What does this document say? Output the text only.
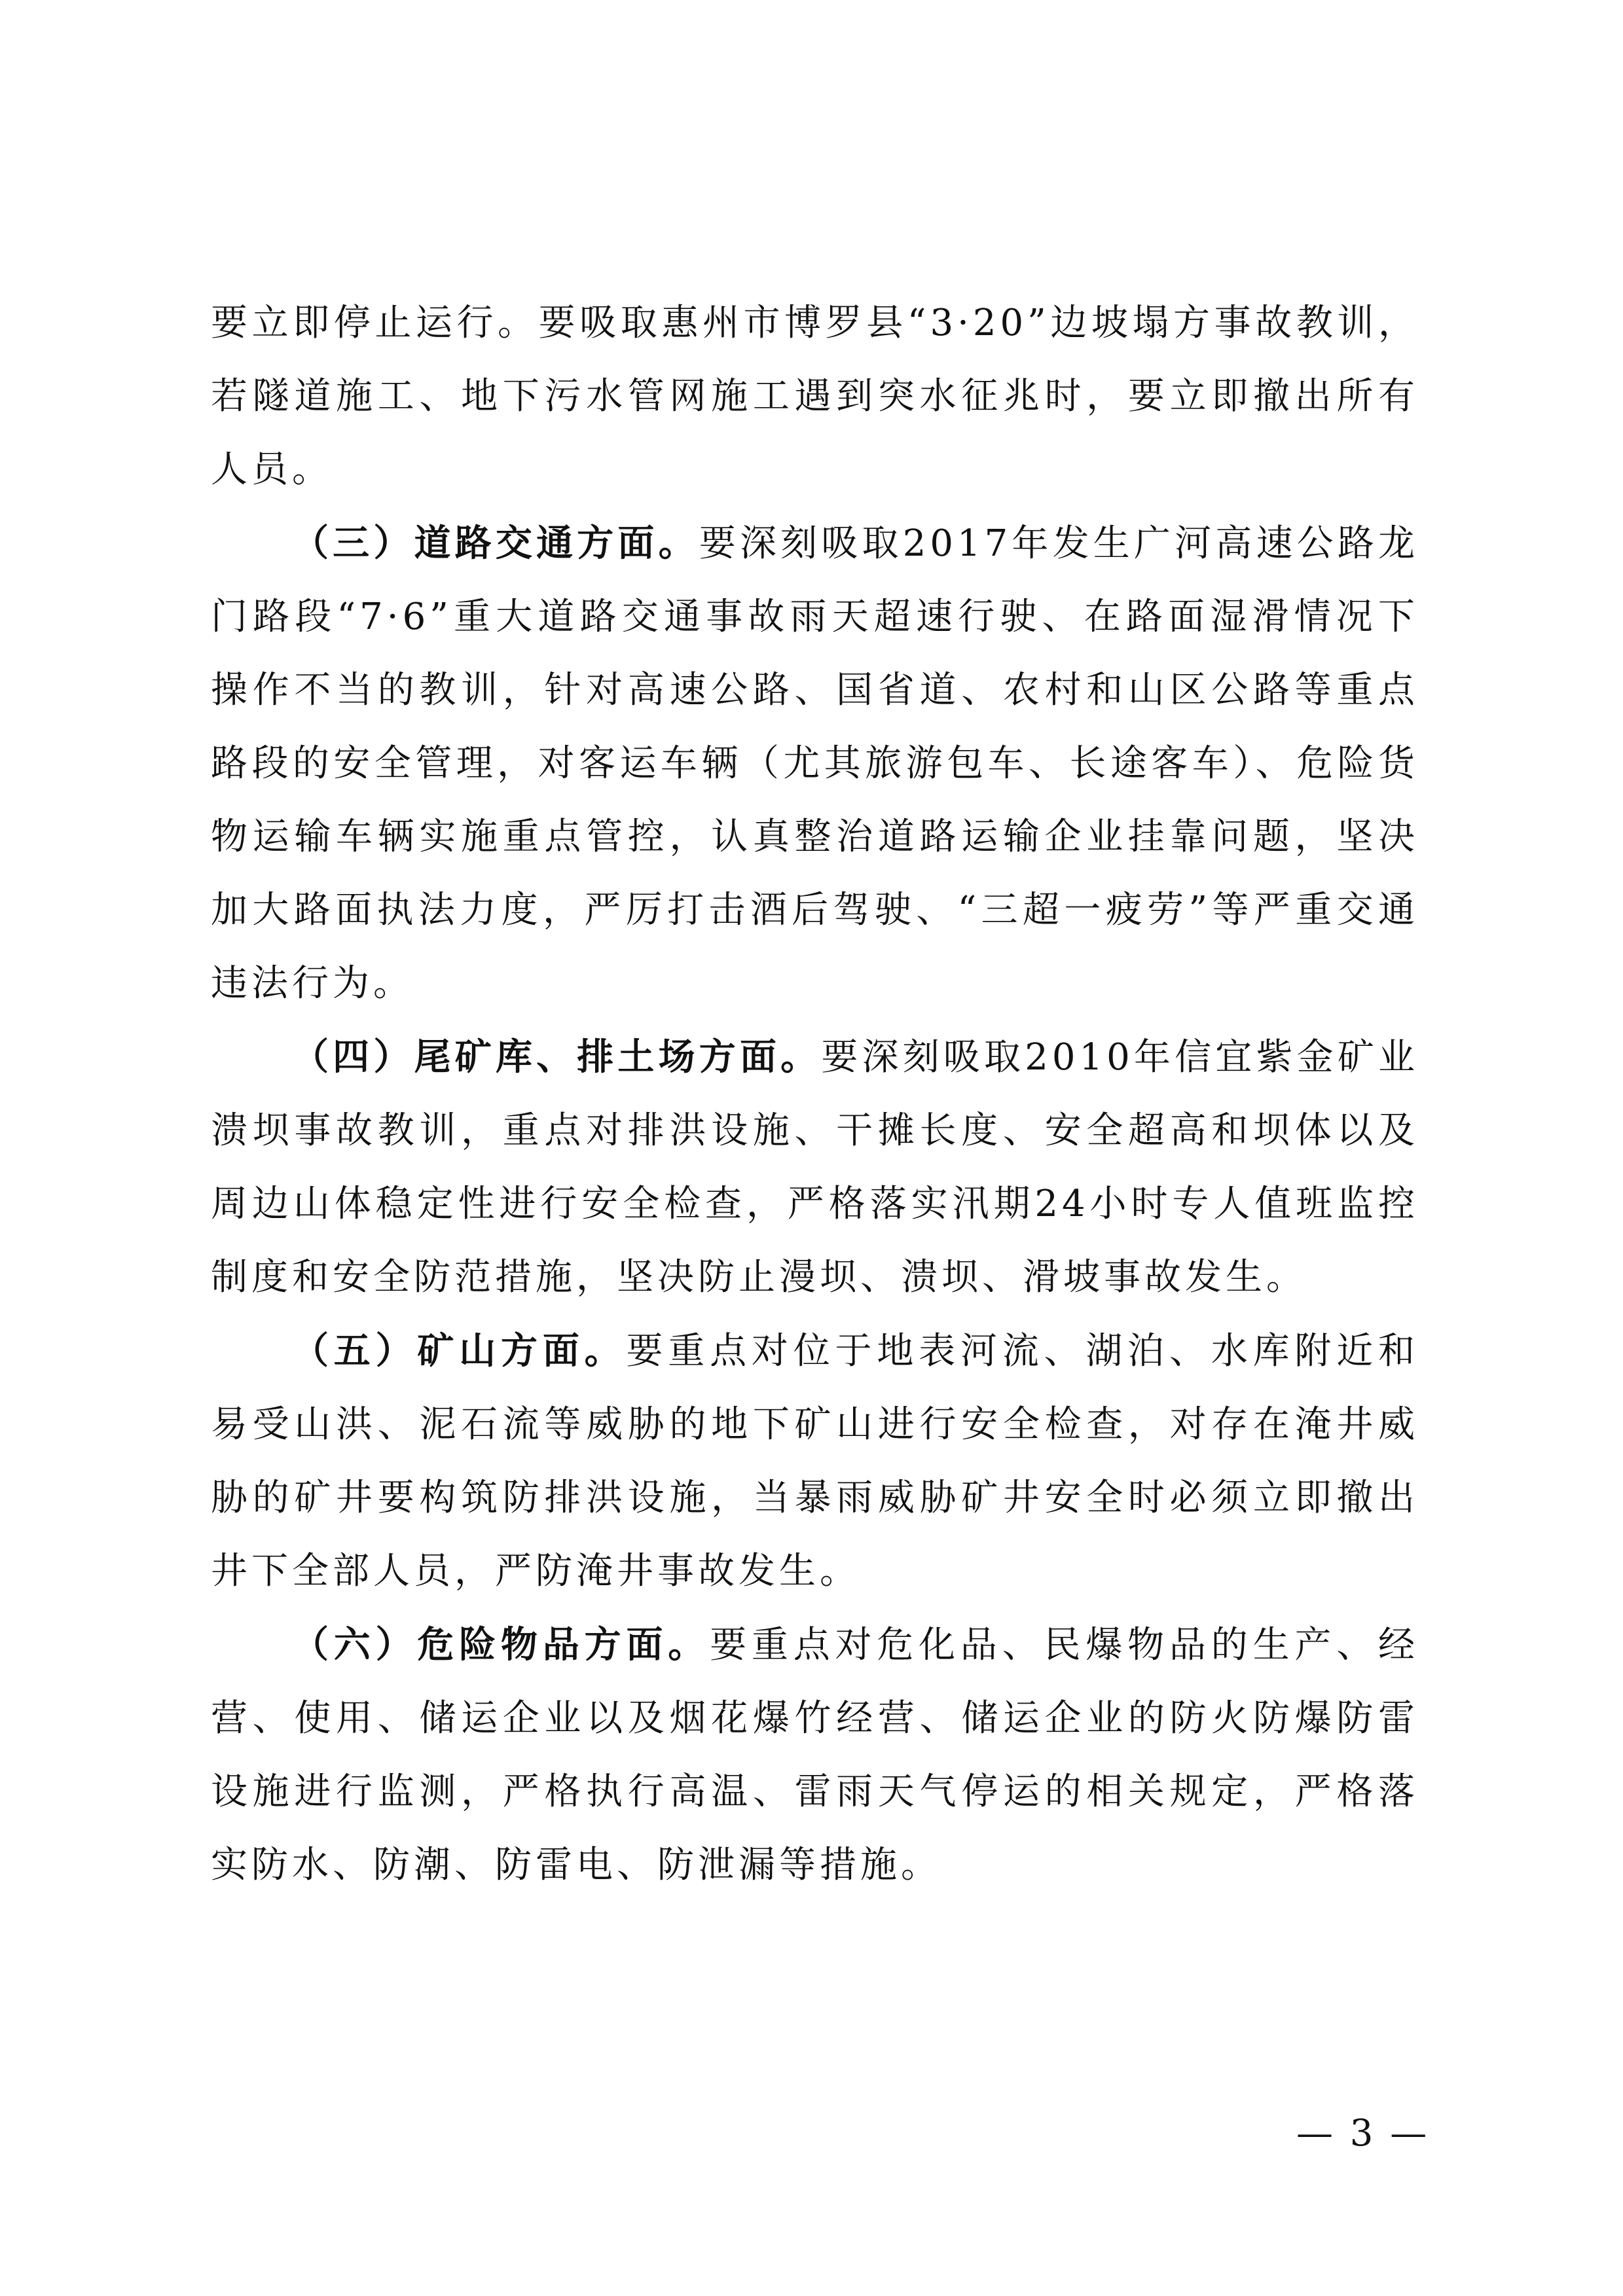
要立即停止运行。要吸取惠州市博罗县“3·20”边坡塌方事故教训，若隧道施工、地下污水管网施工遇到突水征兆时，要立即撤出所有人员。

（三）道路交通方面。要深刻吸取2017年发生广河高速公路龙门路段“7·6”重大道路交通事故雨天超速行驶、在路面湿滑情况下操作不当的教训，针对高速公路、国省道、农村和山区公路等重点路段的安全管理，对客运车辆（尤其旅游包车、长途客车）、危险货物运输车辆实施重点管控，认真整治道路运输企业挂靠问题，坚决加大路面执法力度，严厉打击酒后驾驶、“三超一疲劳”等严重交通违法行为。

（四）尾矿库、排土场方面。要深刻吸取2010年信宜紫金矿业溃坝事故教训，重点对排洪设施、干摊长度、安全超高和坝体以及周边山体稳定性进行安全检查，严格落实汛期24小时专人值班监控制度和安全防范措施，坚决防止漫坝、溃坝、滑坡事故发生。

（五）矿山方面。要重点对位于地表河流、湖泊、水库附近和易受山洪、泥石流等威胁的地下矿山进行安全检查，对存在淹井威胁的矿井要构筑防排洪设施，当暴雨威胁矿井安全时必须立即撤出井下全部人员，严防淹井事故发生。

（六）危险物品方面。要重点对危化品、民爆物品的生产、经营、使用、储运企业以及烟花爆竹经营、储运企业的防火防爆防雷设施进行监测，严格执行高温、雷雨天气停运的相关规定，严格落实防水、防潮、防雷电、防泄漏等措施。

— 3 —
